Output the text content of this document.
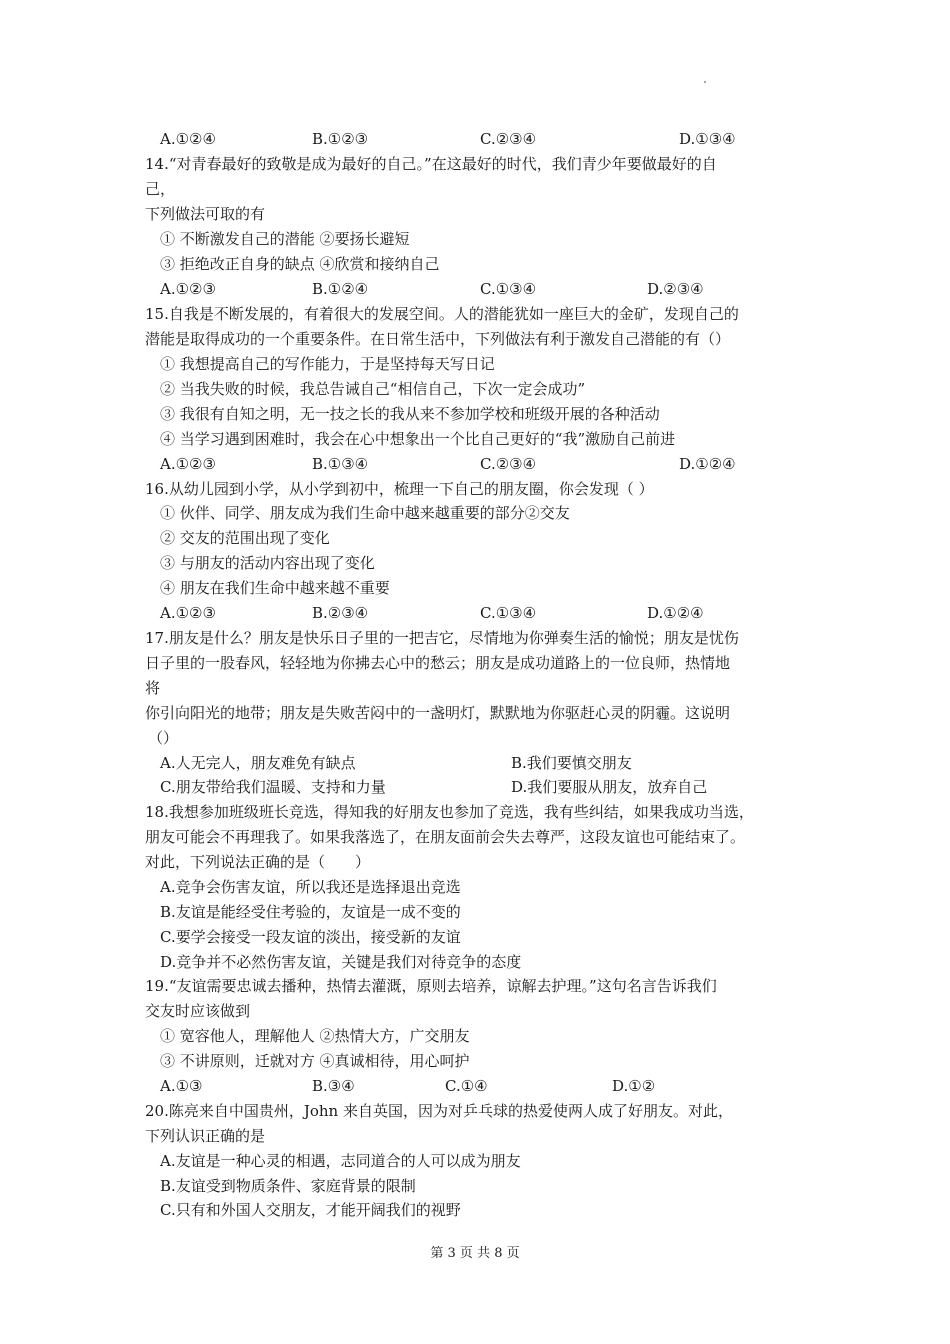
A.①②④	B.①②③	C.②③④	D.①③④
14.“对青春最好的致敬是成为最好的自己。”在这最好的时代，我们青少年要做最好的自
己，
下列做法可取的有
① 不断激发自己的潜能 ②要扬长避短
③ 拒绝改正自身的缺点 ④欣赏和接纳自己
A.①②③	B.①②④	C.①③④	D.②③④
15.自我是不断发展的，有着很大的发展空间。人的潜能犹如一座巨大的金矿，发现自己的
潜能是取得成功的一个重要条件。在日常生活中，下列做法有利于激发自己潜能的有（）
① 我想提高自己的写作能力，于是坚持每天写日记
② 当我失败的时候，我总告诫自己“相信自己，下次一定会成功”
③ 我很有自知之明，无一技之长的我从来不参加学校和班级开展的各种活动
④ 当学习遇到困难时，我会在心中想象出一个比自己更好的“我”激励自己前进
A.①②③	B.①③④	C.②③④	D.①②④
16.从幼儿园到小学，从小学到初中，梳理一下自己的朋友圈，你会发现（ ）
① 伙伴、同学、朋友成为我们生命中越来越重要的部分②交友
② 交友的范围出现了变化
③ 与朋友的活动内容出现了变化
④ 朋友在我们生命中越来越不重要
A.①②③	B.②③④	C.①③④	D.①②④
17.朋友是什么？朋友是快乐日子里的一把吉它，尽情地为你弹奏生活的愉悦；朋友是忧伤
日子里的一股春风，轻轻地为你拂去心中的愁云；朋友是成功道路上的一位良师，热情地
将
你引向阳光的地带；朋友是失败苦闷中的一盏明灯，默默地为你驱赶心灵的阴霾。这说明
（）
A.人无完人，朋友难免有缺点	B.我们要慎交朋友
C.朋友带给我们温暖、支持和力量	D.我们要服从朋友，放弃自己
18.我想参加班级班长竞选，得知我的好朋友也参加了竞选，我有些纠结，如果我成功当选，
朋友可能会不再理我了。如果我落选了，在朋友面前会失去尊严，这段友谊也可能结束了。
对此，下列说法正确的是（　　）
A.竞争会伤害友谊，所以我还是选择退出竞选
B.友谊是能经受住考验的，友谊是一成不变的
C.要学会接受一段友谊的淡出，接受新的友谊
D.竞争并不必然伤害友谊，关键是我们对待竞争的态度
19.“友谊需要忠诚去播种，热情去灌溉，原则去培养，谅解去护理。”这句名言告诉我们
交友时应该做到
① 宽容他人，理解他人 ②热情大方，广交朋友
③ 不讲原则，迁就对方 ④真诚相待，用心呵护
A.①③	B.③④	C.①④	D.①②
20.陈亮来自中国贵州，John 来自英国，因为对乒乓球的热爱使两人成了好朋友。对此，
下列认识正确的是
A.友谊是一种心灵的相遇，志同道合的人可以成为朋友
B.友谊受到物质条件、家庭背景的限制
C.只有和外国人交朋友，才能开阔我们的视野
第 3 页 共 8 页
